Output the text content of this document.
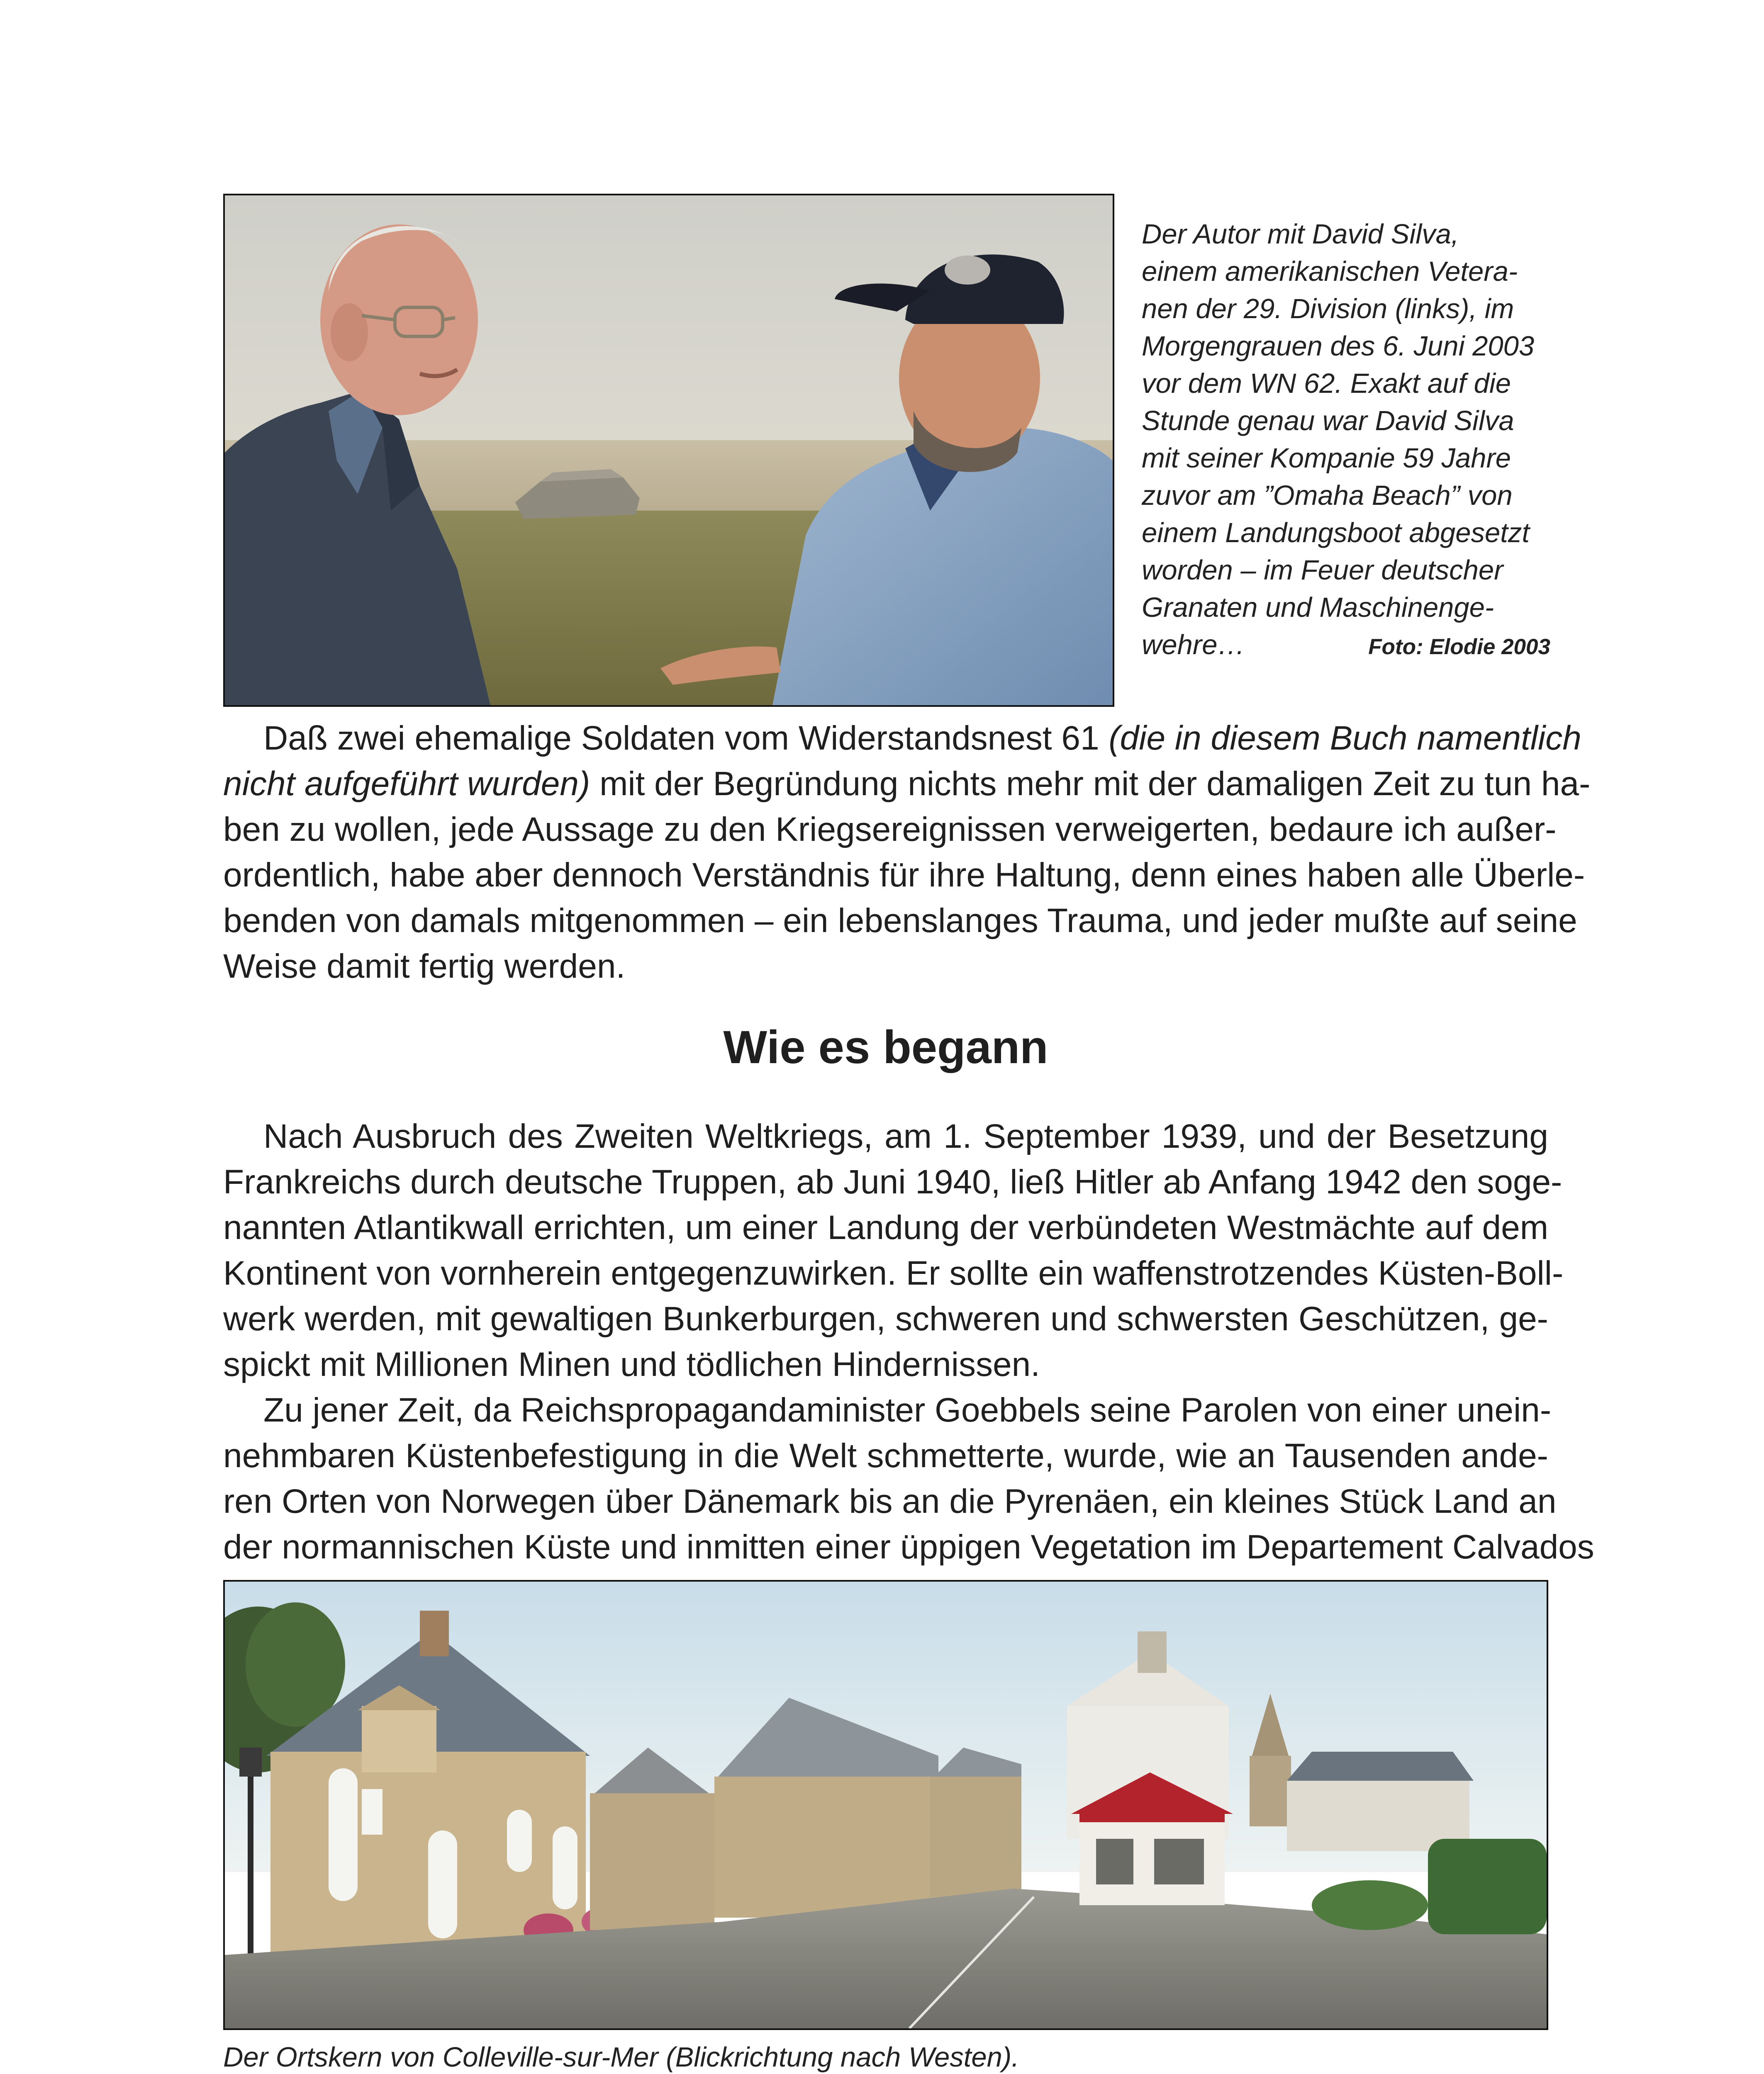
Der Autor mit David Silva,
einem amerikanischen Vetera-
nen der 29. Division (links), im
Morgengrauen des 6. Juni 2003
vor dem WN 62. Exakt auf die
Stunde genau war David Silva
mit seiner Kompanie 59 Jahre
zuvor am ”Omaha Beach” von
einem Landungsboot abgesetzt
worden – im Feuer deutscher
Granaten und Maschinenge-
wehre…	Foto: Elodie 2003
Daß zwei ehemalige Soldaten vom Widerstandsnest 61 (die in diesem Buch namentlich
nicht aufgeführt wurden) mit der Begründung nichts mehr mit der damaligen Zeit zu tun ha-
ben zu wollen, jede Aussage zu den Kriegsereignissen verweigerten, bedaure ich außer-
ordentlich, habe aber dennoch Verständnis für ihre Haltung, denn eines haben alle Überle-
benden von damals mitgenommen – ein lebenslanges Trauma, und jeder mußte auf seine
Weise damit fertig werden.
Wie es begann
Nach Ausbruch des Zweiten Weltkriegs, am 1. September 1939, und der Besetzung
Frankreichs durch deutsche Truppen, ab Juni 1940, ließ Hitler ab Anfang 1942 den soge-
nannten Atlantikwall errichten, um einer Landung der verbündeten Westmächte auf dem
Kontinent von vornherein entgegenzuwirken. Er sollte ein waffenstrotzendes Küsten-Boll-
werk werden, mit gewaltigen Bunkerburgen, schweren und schwersten Geschützen, ge-
spickt mit Millionen Minen und tödlichen Hindernissen.
Zu jener Zeit, da Reichspropagandaminister Goebbels seine Parolen von einer unein-
nehmbaren Küstenbefestigung in die Welt schmetterte, wurde, wie an Tausenden ande-
ren Orten von Norwegen über Dänemark bis an die Pyrenäen, ein kleines Stück Land an
der normannischen Küste und inmitten einer üppigen Vegetation im Departement Calvados
Der Ortskern von Colleville-sur-Mer (Blickrichtung nach Westen).
